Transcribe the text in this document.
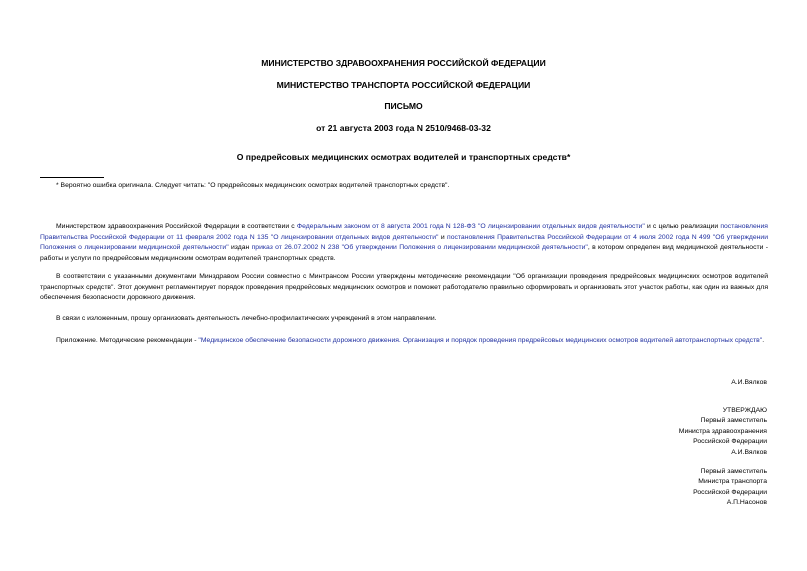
МИНИСТЕРСТВО ЗДРАВООХРАНЕНИЯ РОССИЙСКОЙ ФЕДЕРАЦИИ
МИНИСТЕРСТВО ТРАНСПОРТА РОССИЙСКОЙ ФЕДЕРАЦИИ
ПИСЬМО
от 21 августа 2003 года N 2510/9468-03-32
О предрейсовых медицинских осмотрах водителей и транспортных средств*
* Вероятно ошибка оригинала. Следует читать: "О предрейсовых медицинских осмотрах водителей транспортных средств".
Министерством здравоохранения Российской Федерации в соответствии с Федеральным законом от 8 августа 2001 года N 128-ФЗ "О лицензировании отдельных видов деятельности" и с целью реализации постановления Правительства Российской Федерации от 11 февраля 2002 года N 135 "О лицензировании отдельных видов деятельности" и постановления Правительства Российской Федерации от 4 июля 2002 года N 499 "Об утверждении Положения о лицензировании медицинской деятельности" издан приказ от 26.07.2002 N 238 "Об утверждении Положения о лицензировании медицинской деятельности", в котором определен вид медицинской деятельности - работы и услуги по предрейсовым медицинским осмотрам водителей транспортных средств.
В соответствии с указанными документами Минздравом России совместно с Минтрансом России утверждены методические рекомендации "Об организации проведения предрейсовых медицинских осмотров водителей транспортных средств". Этот документ регламентирует порядок проведения предрейсовых медицинских осмотров и поможет работодателю правильно сформировать и организовать этот участок работы, как один из важных для обеспечения безопасности дорожного движения.
В связи с изложенным, прошу организовать деятельность лечебно-профилактических учреждений в этом направлении.
Приложение. Методические рекомендации - "Медицинское обеспечение безопасности дорожного движения. Организация и порядок проведения предрейсовых медицинских осмотров водителей автотранспортных средств".
А.И.Вялков
УТВЕРЖДАЮ
Первый заместитель
Министра здравоохранения
Российской Федерации
А.И.Вялков
Первый заместитель
Министра транспорта
Российской Федерации
А.П.Насонов
